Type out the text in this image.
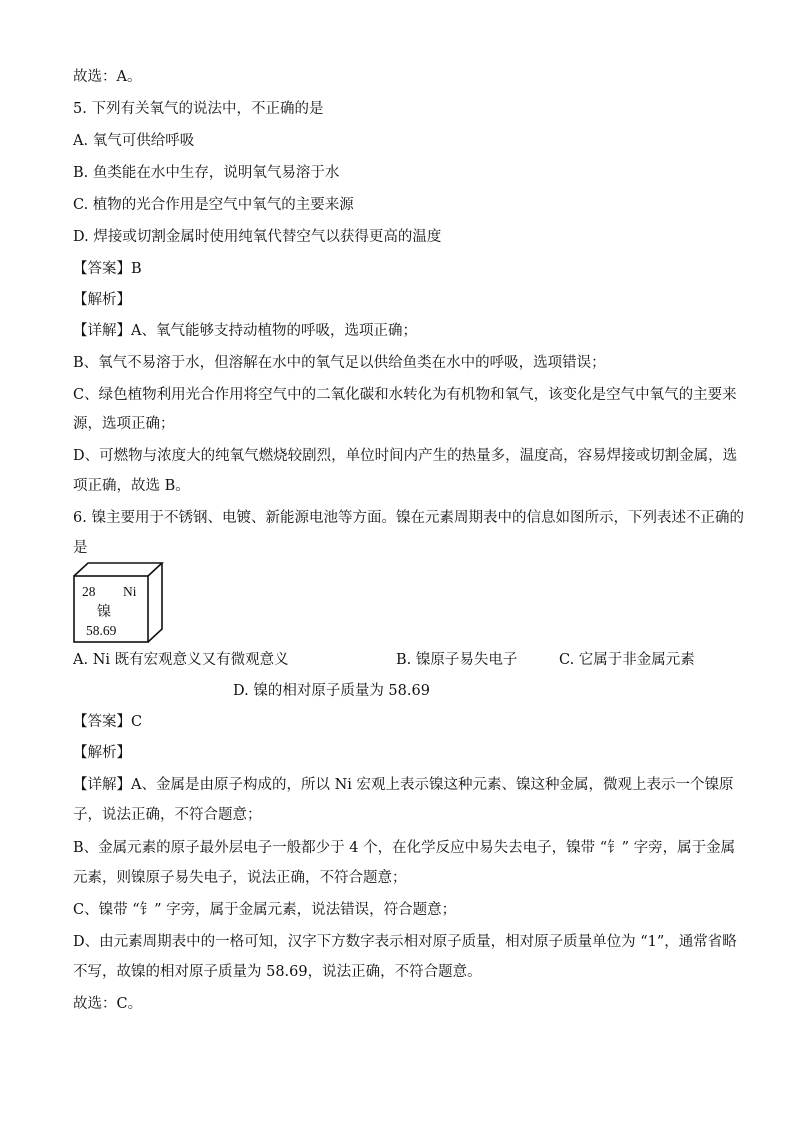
故选：A。
5. 下列有关氧气的说法中，不正确的是
A. 氧气可供给呼吸
B. 鱼类能在水中生存，说明氧气易溶于水
C. 植物的光合作用是空气中氧气的主要来源
D. 焊接或切割金属时使用纯氧代替空气以获得更高的温度
【答案】B
【解析】
【详解】A、氧气能够支持动植物的呼吸，选项正确；
B、氧气不易溶于水，但溶解在水中的氧气足以供给鱼类在水中的呼吸，选项错误；
C、绿色植物利用光合作用将空气中的二氧化碳和水转化为有机物和氧气，该变化是空气中氧气的主要来
源，选项正确；
D、可燃物与浓度大的纯氧气燃烧较剧烈，单位时间内产生的热量多，温度高，容易焊接或切割金属，选
项正确，故选 B。
6. 镍主要用于不锈钢、电镀、新能源电池等方面。镍在元素周期表中的信息如图所示，下列表述不正确的
是
28 Ni
镍
58.69
A. Ni 既有宏观意义又有微观意义	B. 镍原子易失电子	C. 它属于非金属元素
D. 镍的相对原子质量为 58.69
【答案】C
【解析】
【详解】A、金属是由原子构成的，所以 Ni 宏观上表示镍这种元素、镍这种金属，微观上表示一个镍原
子，说法正确，不符合题意；
B、金属元素的原子最外层电子一般都少于 4 个，在化学反应中易失去电子，镍带 “钅” 字旁，属于金属
元素，则镍原子易失电子，说法正确，不符合题意；
C、镍带 “钅” 字旁，属于金属元素，说法错误，符合题意；
D、由元素周期表中的一格可知，汉字下方数字表示相对原子质量，相对原子质量单位为 “1”，通常省略
不写，故镍的相对原子质量为 58.69，说法正确，不符合题意。
故选：C。
